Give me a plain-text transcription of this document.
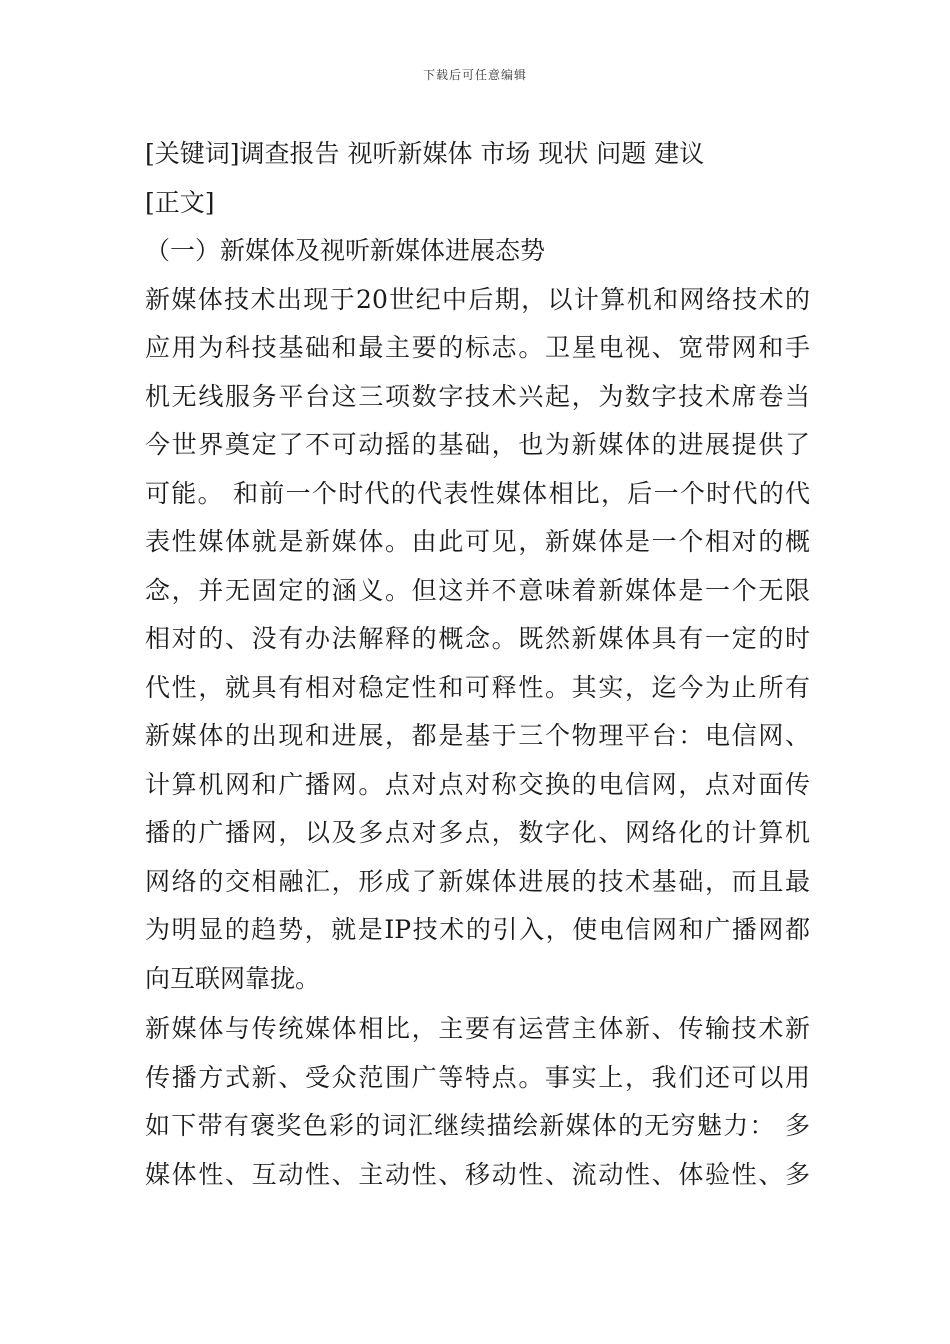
下载后可任意编辑
[关键词]调查报告 视听新媒体 市场 现状 问题 建议
[正文]
（一）新媒体及视听新媒体进展态势
新媒体技术出现于20世纪中后期，以计算机和网络技术的
应用为科技基础和最主要的标志。卫星电视、宽带网和手
机无线服务平台这三项数字技术兴起，为数字技术席卷当
今世界奠定了不可动摇的基础，也为新媒体的进展提供了
可能。 和前一个时代的代表性媒体相比，后一个时代的代
表性媒体就是新媒体。由此可见，新媒体是一个相对的概
念，并无固定的涵义。但这并不意味着新媒体是一个无限
相对的、没有办法解释的概念。既然新媒体具有一定的时
代性，就具有相对稳定性和可释性。其实，迄今为止所有
新媒体的出现和进展，都是基于三个物理平台：电信网、
计算机网和广播网。点对点对称交换的电信网，点对面传
播的广播网，以及多点对多点，数字化、网络化的计算机
网络的交相融汇，形成了新媒体进展的技术基础，而且最
为明显的趋势，就是IP技术的引入，使电信网和广播网都
向互联网靠拢。
新媒体与传统媒体相比，主要有运营主体新、传输技术新
传播方式新、受众范围广等特点。事实上，我们还可以用
如下带有褒奖色彩的词汇继续描绘新媒体的无穷魅力： 多
媒体性、互动性、主动性、移动性、流动性、体验性、多
